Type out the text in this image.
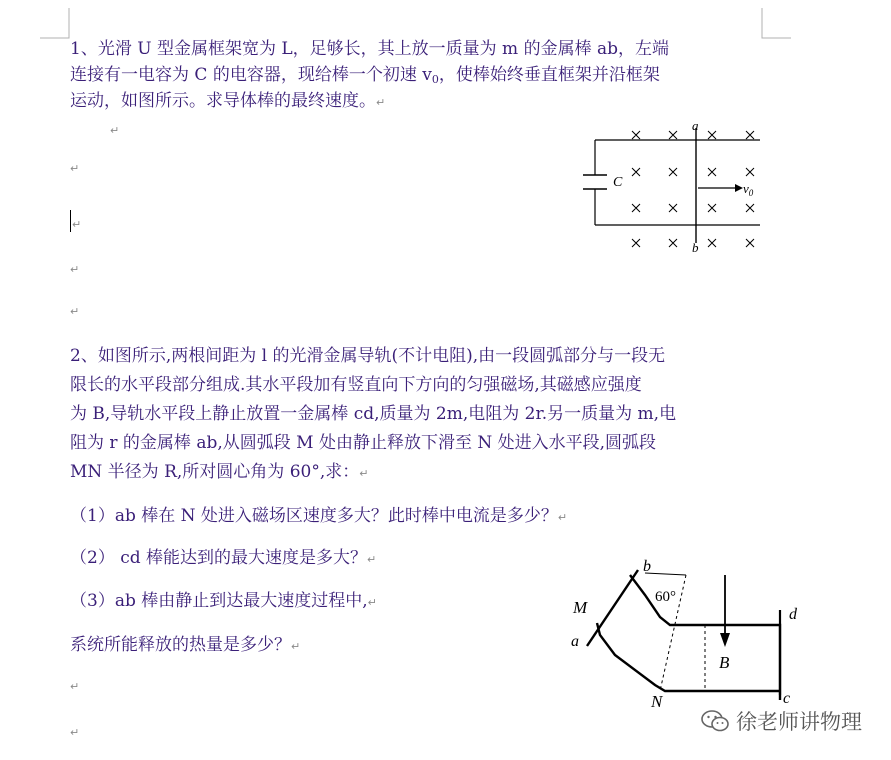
1、光滑 U 型金属框架宽为 L，足够长，其上放一质量为 m 的金属棒 ab，左端
连接有一电容为 C 的电容器，现给棒一个初速 $v_0$，使棒始终垂直框架并沿框架
运动，如图所示。求导体棒的最终速度。↵
↵
↵
↵
↵
↵
C
a
b
$v_0$
2、如图所示,两根间距为 l 的光滑金属导轨(不计电阻),由一段圆弧部分与一段无
限长的水平段部分组成.其水平段加有竖直向下方向的匀强磁场,其磁感应强度
为 B,导轨水平段上静止放置一金属棒 cd,质量为 2m,电阻为 2r.另一质量为 m,电
阻为 r 的金属棒 ab,从圆弧段 M 处由静止释放下滑至 N 处进入水平段,圆弧段
MN 半径为 R,所对圆心角为 60°,求：↵
（1）ab 棒在 N 处进入磁场区速度多大？此时棒中电流是多少？↵
（2） cd 棒能达到的最大速度是多大？↵
（3）ab 棒由静止到达最大速度过程中,↵
系统所能释放的热量是多少？↵
↵
↵
B
b
60°
M
a
N	c
d
徐老师讲物理
